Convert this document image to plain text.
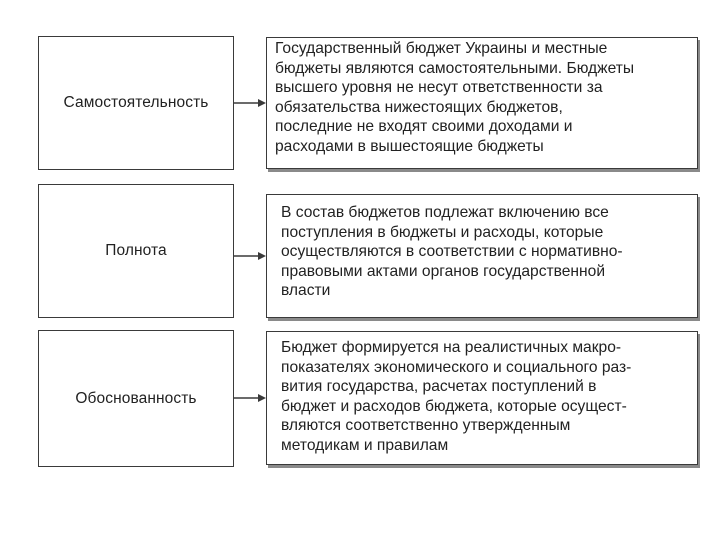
Самостоятельность

Государственный бюджет Украины и местные

бюджеты являются самостоятельными. Бюджеты

высшего уровня не несут ответственности за

обязательства нижестоящих бюджетов,

последние не входят своими доходами и

расходами в вышестоящие бюджеты

Полнота

В состав бюджетов подлежат включению все

поступления в бюджеты и расходы, которые

осуществляются в соответствии с нормативно-

правовыми актами органов государственной

власти

Обоснованность

Бюджет формируется на реалистичных макро-

показателях экономического и социального раз-

вития государства, расчетах поступлений в

бюджет и расходов бюджета, которые осущест-

вляются соответственно утвержденным

методикам и правилам
